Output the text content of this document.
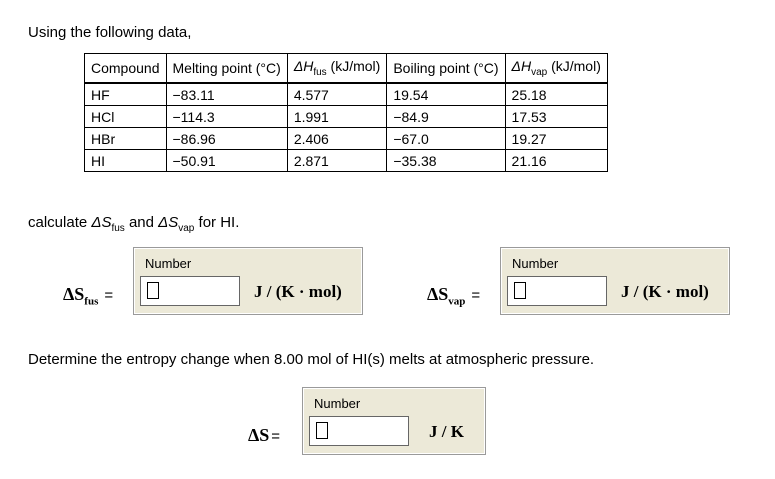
Using the following data,
Compound	Melting point (°C)	$\Delta H_{fus}$ (kJ/mol)	Boiling point (°C)	$\Delta H_{vap}$ (kJ/mol)
HF	−83.11	4.577	19.54	25.18
HCl	−114.3	1.991	−84.9	17.53
HBr	−86.96	2.406	−67.0	19.27
HI	−50.91	2.871	−35.38	21.16
calculate $\Delta S_{fus}$ and $\Delta S_{vap}$ for HI.
$\Delta S_{fus}$ =
Number
J / (K · mol)	$\Delta S_{vap}$ =
Number
J / (K · mol)
Determine the entropy change when 8.00 mol of HI(s) melts at atmospheric pressure.
ΔS =
Number
J / K
